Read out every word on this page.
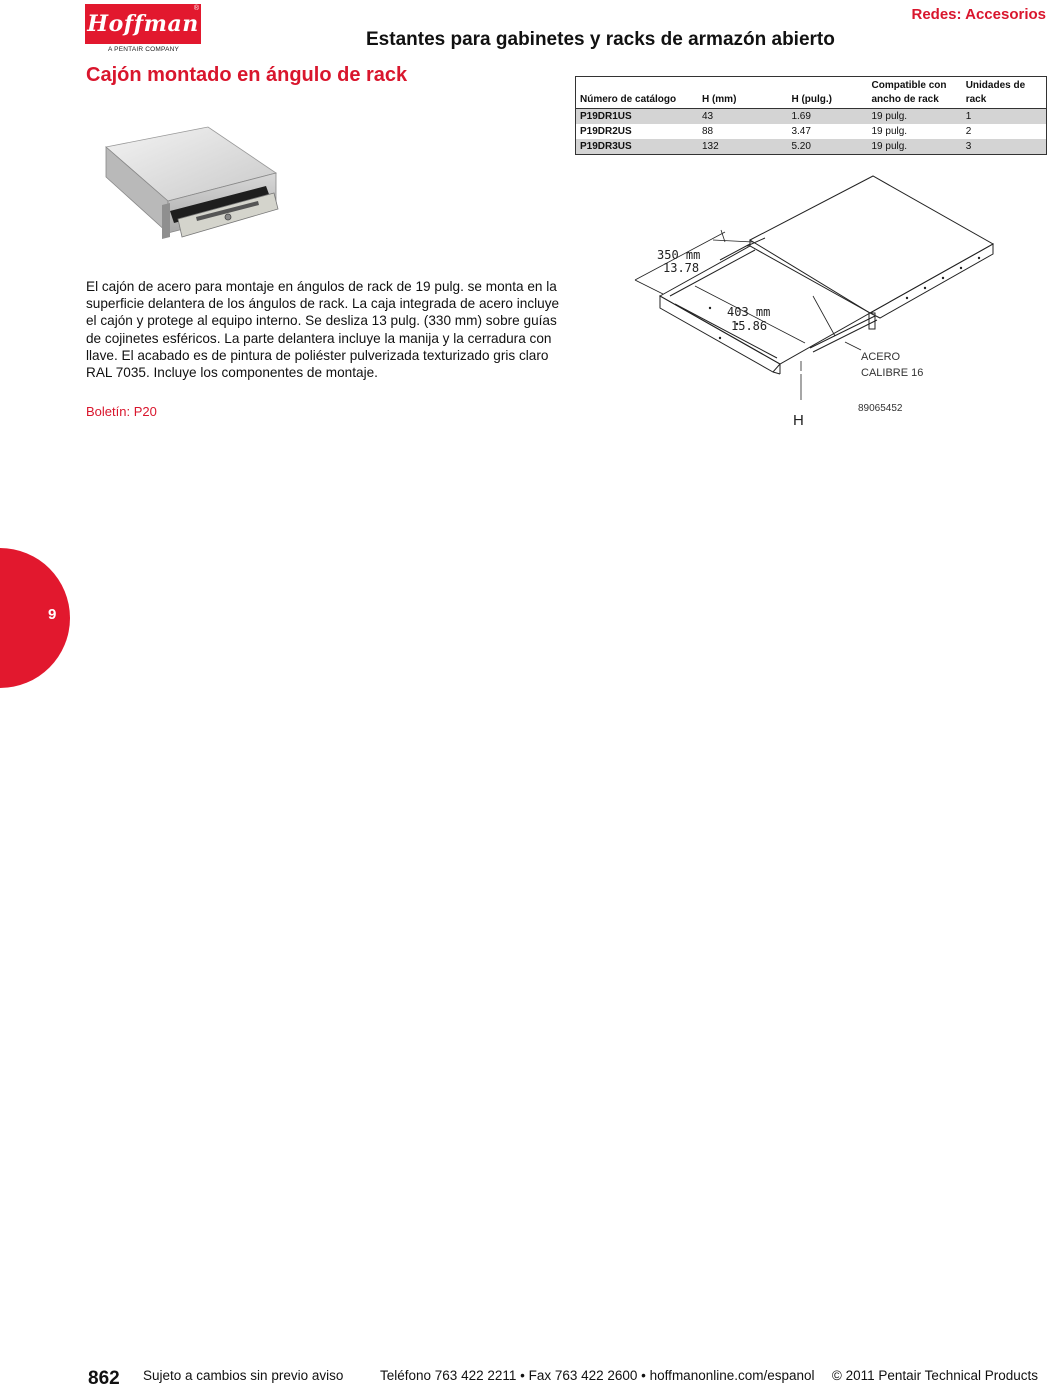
Hoffman
®
A PENTAIR COMPANY
Redes: Accesorios
Estantes para gabinetes y racks de armazón abierto
Cajón montado en ángulo de rack
El cajón de acero para montaje en ángulos de rack de 19 pulg. se monta en la superficie delantera de los ángulos de rack. La caja integrada de acero incluye el cajón y protege al equipo interno. Se desliza 13 pulg. (330 mm) sobre guías de cojinetes esféricos. La parte delantera incluye la manija y la cerradura con llave. El acabado es de pintura de poliéster pulverizada texturizado gris claro RAL 7035. Incluye los componentes de montaje.
Boletín: P20
Número de catálogo	H (mm)	H (pulg.)	Compatible con ancho de rack	Unidades de rack
P19DR1US	43	1.69	19 pulg.	1
P19DR2US	88	3.47	19 pulg.	2
P19DR3US	132	5.20	19 pulg.	3
350 mm
13.78
403 mm
15.86
ACERO
CALIBRE 16
H
89065452
9
862 Sujeto a cambios sin previo aviso	Teléfono 763 422 2211 • Fax 763 422 2600 • hoffmanonline.com/espanol © 2011 Pentair Technical Products
